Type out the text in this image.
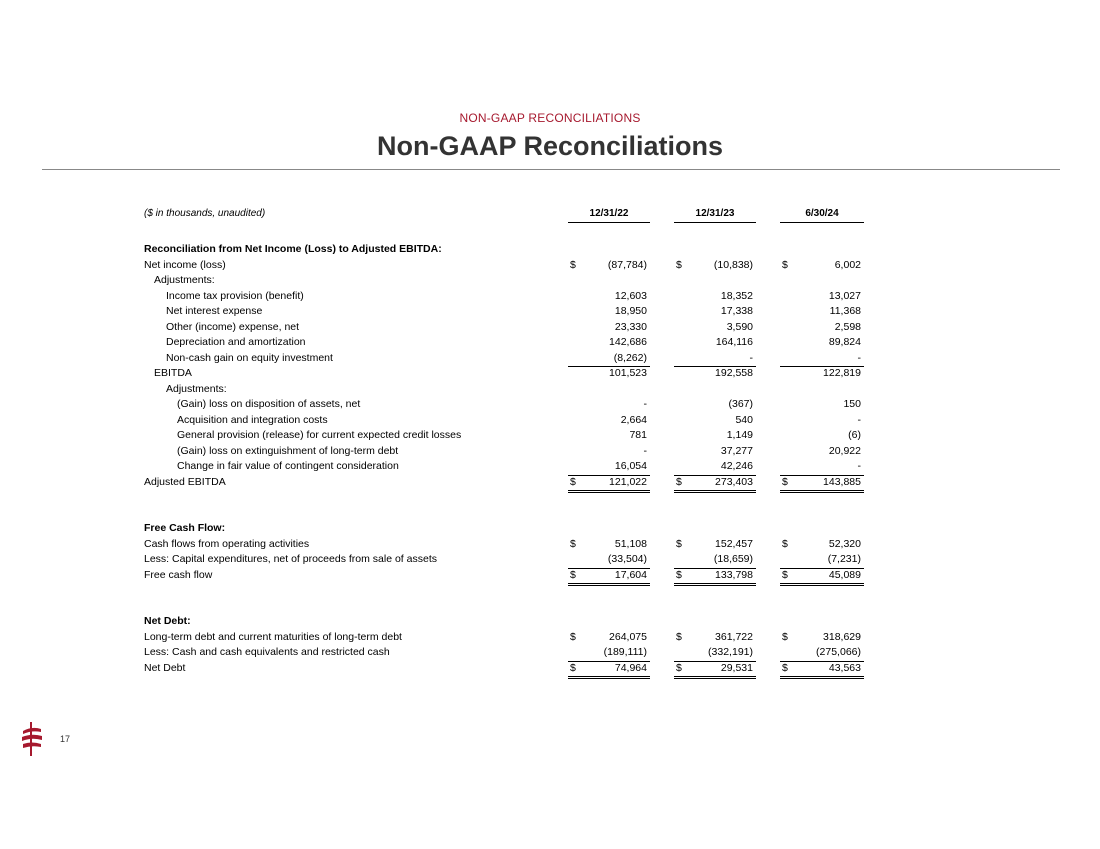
NON-GAAP RECONCILIATIONS
Non-GAAP Reconciliations
($ in thousands, unaudited)	12/31/22	12/31/23	6/30/24
Reconciliation from Net Income (Loss) to Adjusted EBITDA:
Net income (loss)	$	(87,784)	$	(10,838)	$	6,002
Adjustments:
Income tax provision (benefit)	12,603	18,352	13,027
Net interest expense	18,950	17,338	11,368
Other (income) expense, net	23,330	3,590	2,598
Depreciation and amortization	142,686	164,116	89,824
Non-cash gain on equity investment	(8,262)	-	-
EBITDA	101,523	192,558	122,819
Adjustments:
(Gain) loss on disposition of assets, net	-	(367)	150
Acquisition and integration costs	2,664	540	-
General provision (release) for current expected credit losses	781	1,149	(6)
(Gain) loss on extinguishment of long-term debt	-	37,277	20,922
Change in fair value of contingent consideration	16,054	42,246	-
Adjusted EBITDA	$	121,022	$	273,403	$	143,885
Free Cash Flow:
Cash flows from operating activities	$	51,108	$	152,457	$	52,320
Less: Capital expenditures, net of proceeds from sale of assets	(33,504)	(18,659)	(7,231)
Free cash flow	$	17,604	$	133,798	$	45,089
Net Debt:
Long-term debt and current maturities of long-term debt	$	264,075	$	361,722	$	318,629
Less: Cash and cash equivalents and restricted cash	(189,111)	(332,191)	(275,066)
Net Debt	$	74,964	$	29,531	$	43,563
17
